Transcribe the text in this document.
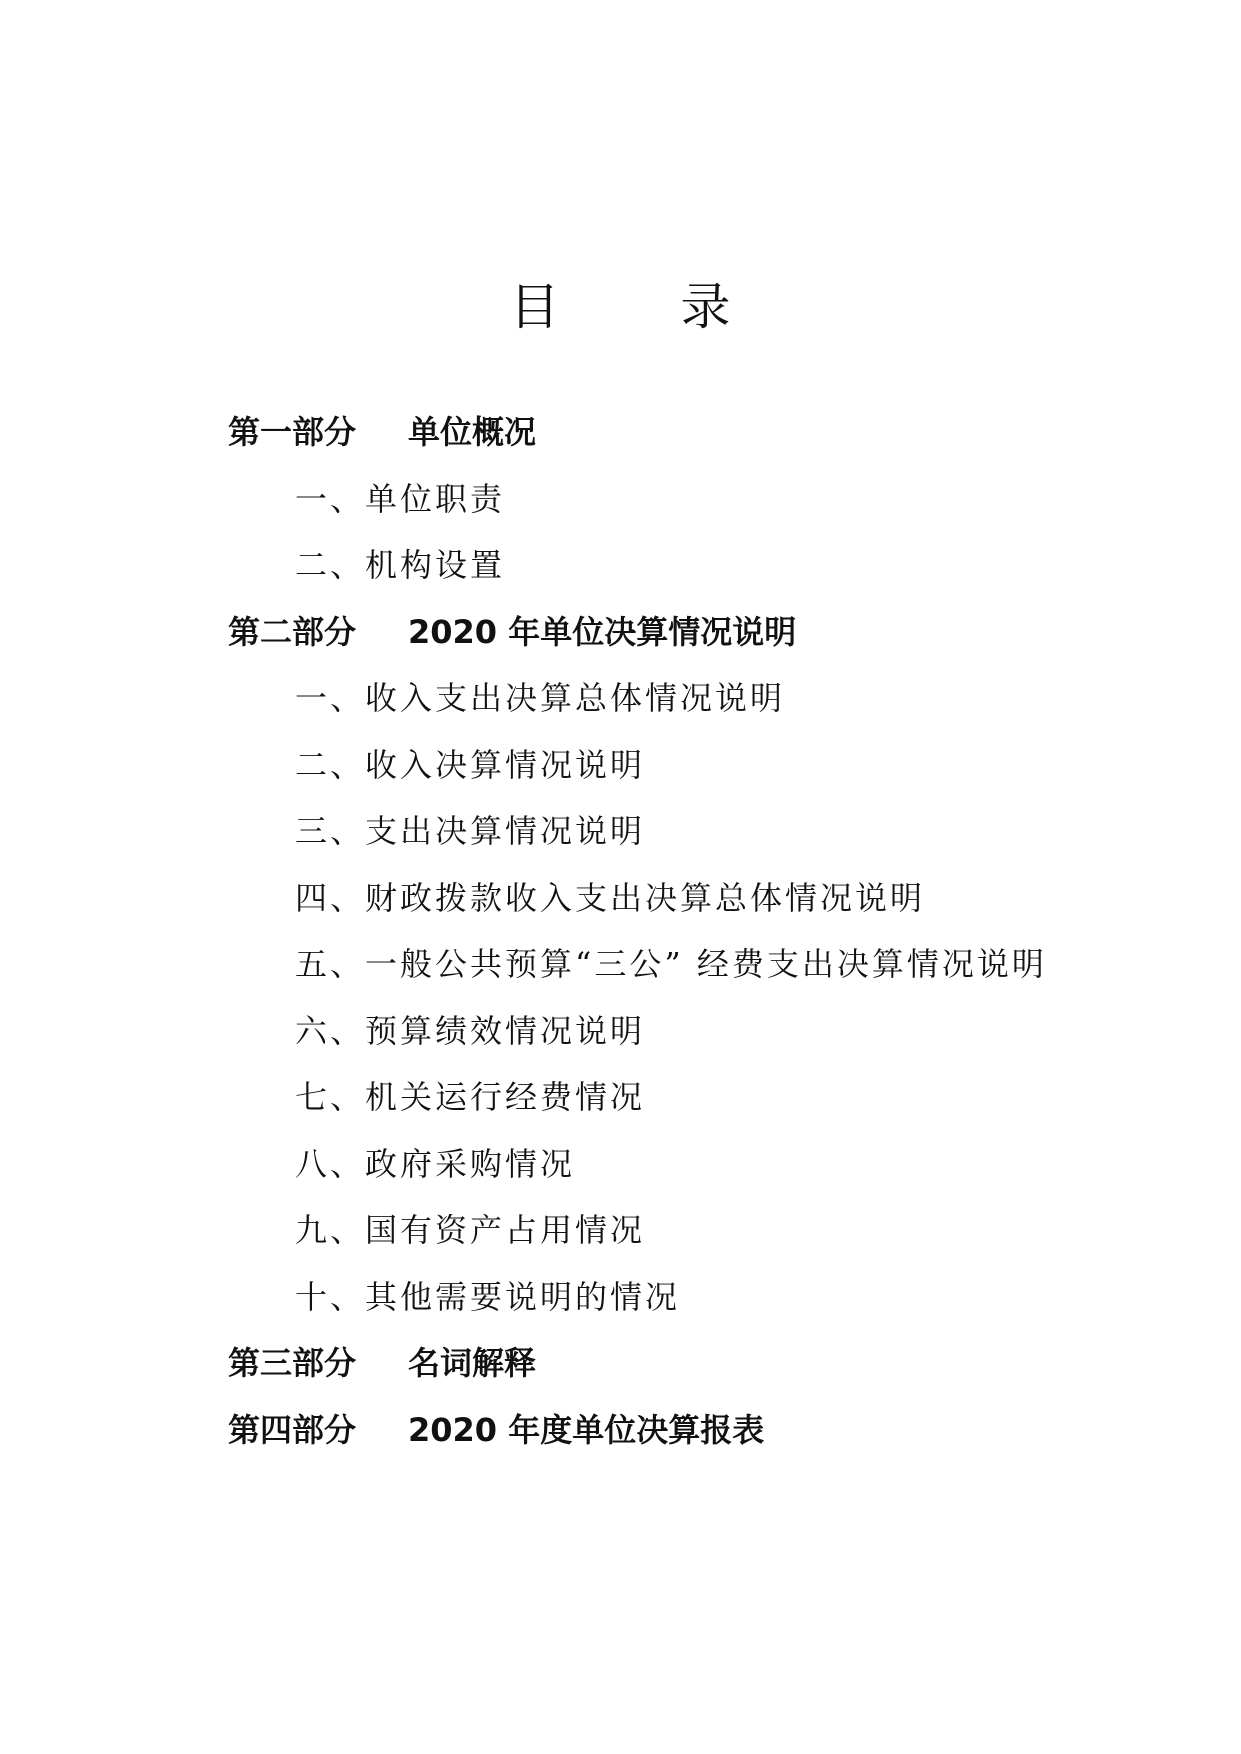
目 录
第一部分 单位概况
一、单位职责
二、机构设置
第二部分 2020 年单位决算情况说明
一、收入支出决算总体情况说明
二、收入决算情况说明
三、支出决算情况说明
四、财政拨款收入支出决算总体情况说明
五、一般公共预算“三公” 经费支出决算情况说明
六、预算绩效情况说明
七、机关运行经费情况
八、政府采购情况
九、国有资产占用情况
十、其他需要说明的情况
第三部分 名词解释
第四部分 2020 年度单位决算报表
